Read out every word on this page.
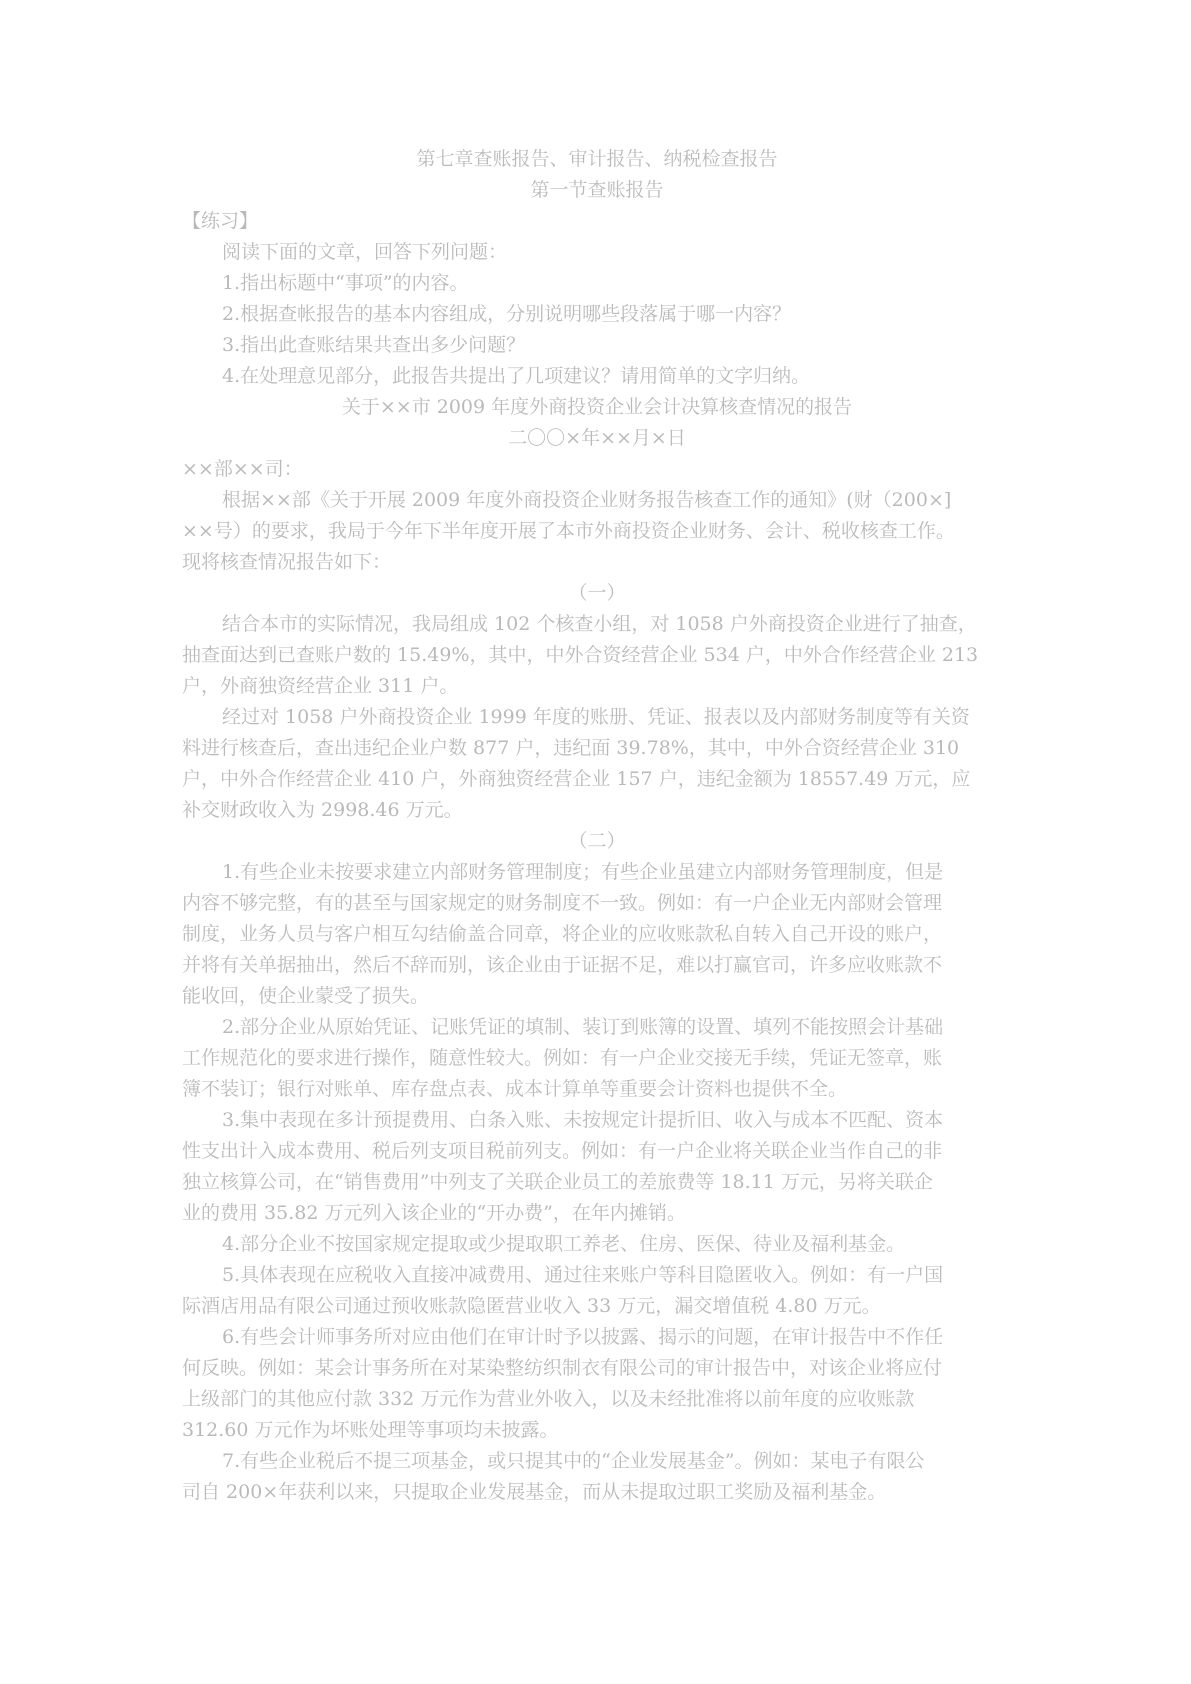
第七章查账报告、审计报告、纳税检查报告
第一节查账报告
【练习】
阅读下面的文章，回答下列问题：
1.指出标题中“事项”的内容。
2.根据查帐报告的基本内容组成，分别说明哪些段落属于哪一内容？
3.指出此查账结果共查出多少问题？
4.在处理意见部分，此报告共提出了几项建议？请用简单的文字归纳。
关于××市 2009 年度外商投资企业会计决算核查情况的报告
二〇〇×年××月×日
××部××司：
根据××部《关于开展 2009 年度外商投资企业财务报告核查工作的通知》(财（200×]
××号）的要求，我局于今年下半年度开展了本市外商投资企业财务、会计、税收核查工作。
现将核查情况报告如下：
（一）
结合本市的实际情况，我局组成 102 个核查小组，对 1058 户外商投资企业进行了抽查，
抽查面达到已查账户数的 15.49%，其中，中外合资经营企业 534 户，中外合作经营企业 213
户，外商独资经营企业 311 户。
经过对 1058 户外商投资企业 1999 年度的账册、凭证、报表以及内部财务制度等有关资
料进行核查后，查出违纪企业户数 877 户，违纪面 39.78%，其中，中外合资经营企业 310
户，中外合作经营企业 410 户，外商独资经营企业 157 户，违纪金额为 18557.49 万元，应
补交财政收入为 2998.46 万元。
（二）
1.有些企业未按要求建立内部财务管理制度；有些企业虽建立内部财务管理制度，但是
内容不够完整，有的甚至与国家规定的财务制度不一致。例如：有一户企业无内部财会管理
制度，业务人员与客户相互勾结偷盖合同章，将企业的应收账款私自转入自己开设的账户，
并将有关单据抽出，然后不辞而别，该企业由于证据不足，难以打赢官司，许多应收账款不
能收回，使企业蒙受了损失。
2.部分企业从原始凭证、记账凭证的填制、装订到账簿的设置、填列不能按照会计基础
工作规范化的要求进行操作，随意性较大。例如：有一户企业交接无手续，凭证无签章，账
簿不装订；银行对账单、库存盘点表、成本计算单等重要会计资料也提供不全。
3.集中表现在多计预提费用、白条入账、未按规定计提折旧、收入与成本不匹配、资本
性支出计入成本费用、税后列支项目税前列支。例如：有一户企业将关联企业当作自己的非
独立核算公司，在“销售费用”中列支了关联企业员工的差旅费等 18.11 万元，另将关联企
业的费用 35.82 万元列入该企业的“开办费”，在年内摊销。
4.部分企业不按国家规定提取或少提取职工养老、住房、医保、待业及福利基金。
5.具体表现在应税收入直接冲减费用、通过往来账户等科目隐匿收入。例如：有一户国
际酒店用品有限公司通过预收账款隐匿营业收入 33 万元，漏交增值税 4.80 万元。
6.有些会计师事务所对应由他们在审计时予以披露、揭示的问题，在审计报告中不作任
何反映。例如：某会计事务所在对某染整纺织制衣有限公司的审计报告中，对该企业将应付
上级部门的其他应付款 332 万元作为营业外收入，以及未经批准将以前年度的应收账款
312.60 万元作为坏账处理等事项均未披露。
7.有些企业税后不提三项基金，或只提其中的“企业发展基金”。例如：某电子有限公
司自 200×年获利以来，只提取企业发展基金，而从未提取过职工奖励及福利基金。
